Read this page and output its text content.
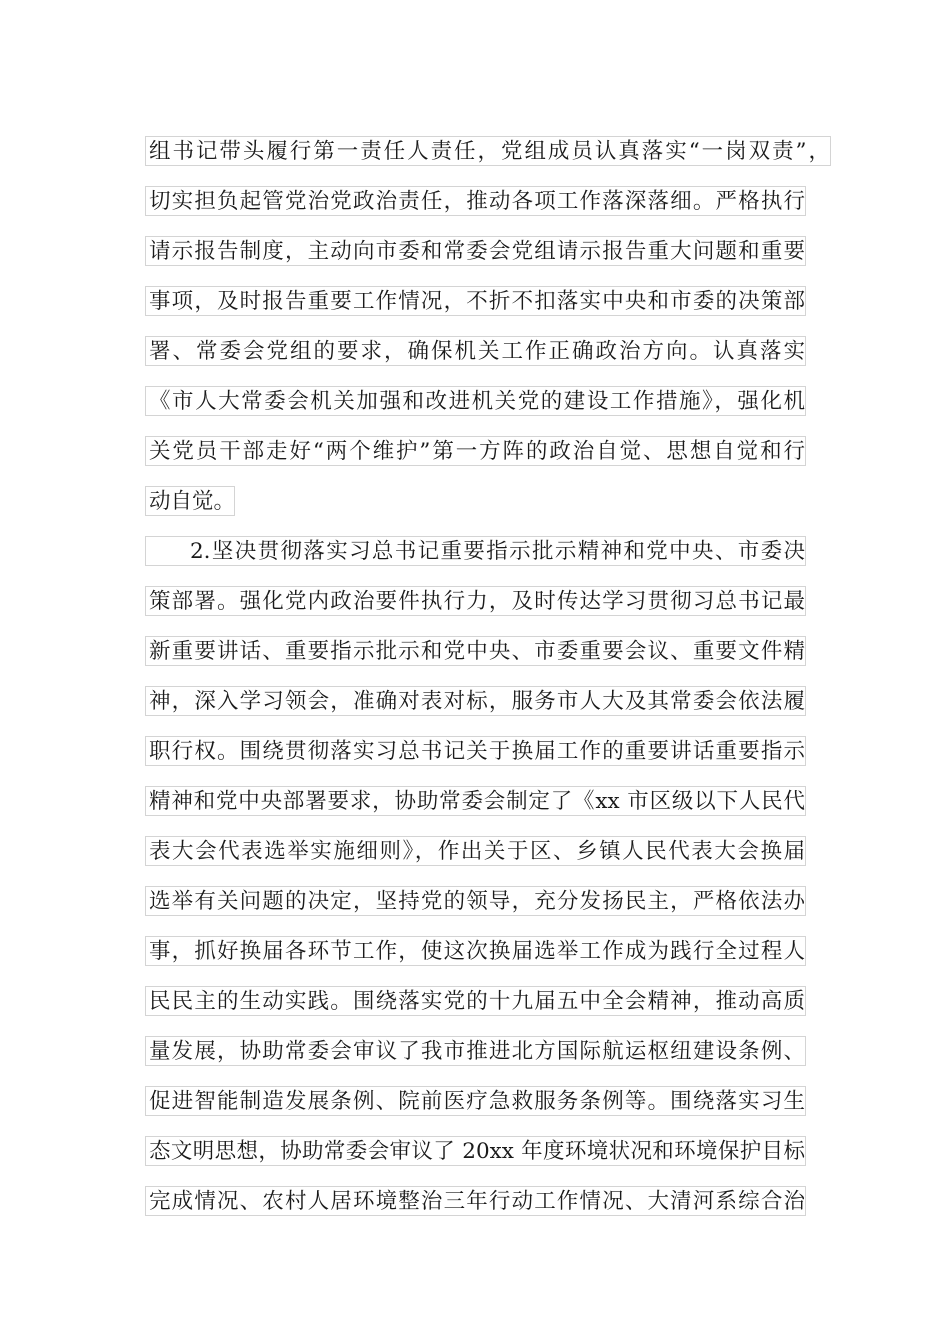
组书记带头履行第一责任人责任，党组成员认真落实“一岗双责”，
切实担负起管党治党政治责任，推动各项工作落深落细。严格执行
请示报告制度，主动向市委和常委会党组请示报告重大问题和重要
事项，及时报告重要工作情况，不折不扣落实中央和市委的决策部
署、常委会党组的要求，确保机关工作正确政治方向。认真落实
《市人大常委会机关加强和改进机关党的建设工作措施》，强化机
关党员干部走好“两个维护”第一方阵的政治自觉、思想自觉和行
动自觉。
2.坚决贯彻落实习总书记重要指示批示精神和党中央、市委决
策部署。强化党内政治要件执行力，及时传达学习贯彻习总书记最
新重要讲话、重要指示批示和党中央、市委重要会议、重要文件精
神，深入学习领会，准确对表对标，服务市人大及其常委会依法履
职行权。围绕贯彻落实习总书记关于换届工作的重要讲话重要指示
精神和党中央部署要求，协助常委会制定了《xx 市区级以下人民代
表大会代表选举实施细则》，作出关于区、乡镇人民代表大会换届
选举有关问题的决定，坚持党的领导，充分发扬民主，严格依法办
事，抓好换届各环节工作，使这次换届选举工作成为践行全过程人
民民主的生动实践。围绕落实党的十九届五中全会精神，推动高质
量发展，协助常委会审议了我市推进北方国际航运枢纽建设条例、
促进智能制造发展条例、院前医疗急救服务条例等。围绕落实习生
态文明思想，协助常委会审议了 20xx 年度环境状况和环境保护目标
完成情况、农村人居环境整治三年行动工作情况、大清河系综合治
